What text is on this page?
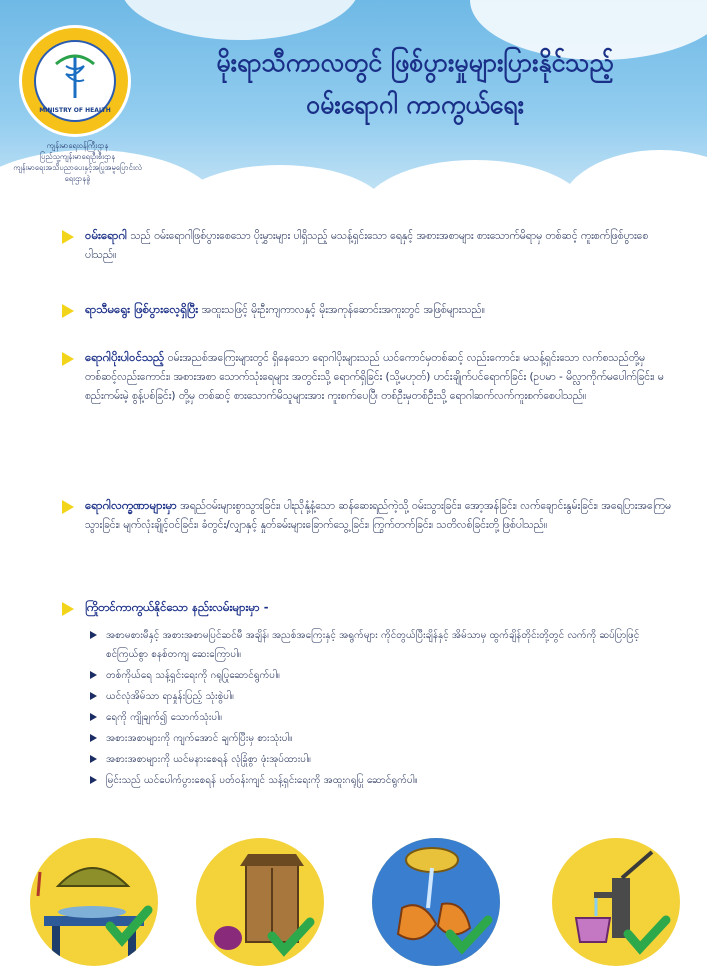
MINISTRY OF HEALTH
ကျန်းမာရေးဝန်ကြီးဌာန
ပြည်သူ့ကျန်းမာရေးဦးစီးဌာန
ကျန်းမာရေးအသိပညာပေးနှင့်အပြုအမူပြောင်းလဲရေးဌာနခွဲ
မိုးရာသီကာလတွင် ဖြစ်ပွားမှုများပြားနိုင်သည့်
ဝမ်းရောဂါ ကာကွယ်ရေး
ဝမ်းရောဂါ သည် ဝမ်းရောဂါဖြစ်ပွားစေသော ပိုးမွှားများ ပါရှိသည့် မသန့်ရှင်းသော ရေနှင့် အစားအစာများ စားသောက်မိရာမှ တစ်ဆင့် ကူးစက်ဖြစ်ပွားစေပါသည်။
ရာသီမရွေး ဖြစ်ပွားလေ့ရှိပြီး အထူးသဖြင့် မိုးဦးကျကာလနှင့် မိုးအကုန်ဆောင်းအကူးတွင် အဖြစ်များသည်။
ရောဂါပိုးပါဝင်သည့် ဝမ်းအညစ်အကြေးများတွင် ရှိနေသော ရောဂါပိုးများသည် ယင်ကောင်မှတစ်ဆင့် လည်းကောင်း၊ မသန့်ရှင်းသော လက်စသည်တို့မှ တစ်ဆင့်လည်းကောင်း၊ အစားအစာ သောက်သုံးရေများ အတွင်းသို့ ရောက်ရှိခြင်း (သို့မဟုတ်) ဟင်းချိုက်ပင်ရောက်ခြင်း (ဥပမာ - မိလ္လာကိုက်မပေါက်ခြင်း၊ မစည်းကမ်းမဲ့ စွန့်ပစ်ခြင်း) တို့မှ တစ်ဆင့် စားသောက်မိသူများအား ကူးစက်ပေပြီ၊ တစ်ဦးမှတစ်ဦးသို့ ရောဂါဆက်လက်ကူးစက်စေပါသည်။
ရောဂါလက္ခဏာများမှာ အရည်ဝမ်းများစွာသွားခြင်း၊ ပါးညိုနုံ့နံ့သော ဆန်ဆေးရည်ကဲ့သို့ ဝမ်းသွားခြင်း၊ အော့အန်ခြင်း၊ လက်ချောင်းနွမ်းခြင်း၊ အရေပြားအကြေမသွားခြင်း၊ မျက်လုံးချိုင့်ဝင်ခြင်း၊ ခံတွင်း/လျှာနှင့် နှုတ်ခမ်းများခြောက်သွေ့ခြင်း၊ ကြွက်တက်ခြင်း၊ သတိလစ်ခြင်းတို့ ဖြစ်ပါသည်။
ကြိုတင်ကာကွယ်နိုင်သော နည်းလမ်းများမှာ -
အစာမစားမီနှင့် အစားအစာမပြင်ဆင်မီ အချိန်၊ အညစ်အကြေးနှင့် အရွက်များ ကိုင်တွယ်ပြီးချိန်နှင့် အိမ်သာမှ ထွက်ချိန်တိုင်းတို့တွင် လက်ကို ဆပ်ပြာဖြင့် စင်ကြယ်စွာ စနစ်တကျ ဆေးကြောပါ။
တစ်ကိုယ်ရေ သန့်ရှင်းရေးကို ဂရုပြုဆောင်ရွက်ပါ။
ယင်လုံအိမ်သာ ရာနှုန်းပြည့် သုံးစွဲပါ။
ရေကို ကျိုချက်၍ သောက်သုံးပါ။
အစားအစာများကို ကျက်အောင် ချက်ပြီးမှ စားသုံးပါ။
အစားအစာများကို ယင်မနားစေရန် လုံခြုံစွာ ဖုံးအုပ်ထားပါ။
မြင်းသည် ယင်ပေါက်ပွားစေရန် ပတ်ဝန်းကျင် သန့်ရှင်းရေးကို အထူးဂရုပြု ဆောင်ရွက်ပါ။
